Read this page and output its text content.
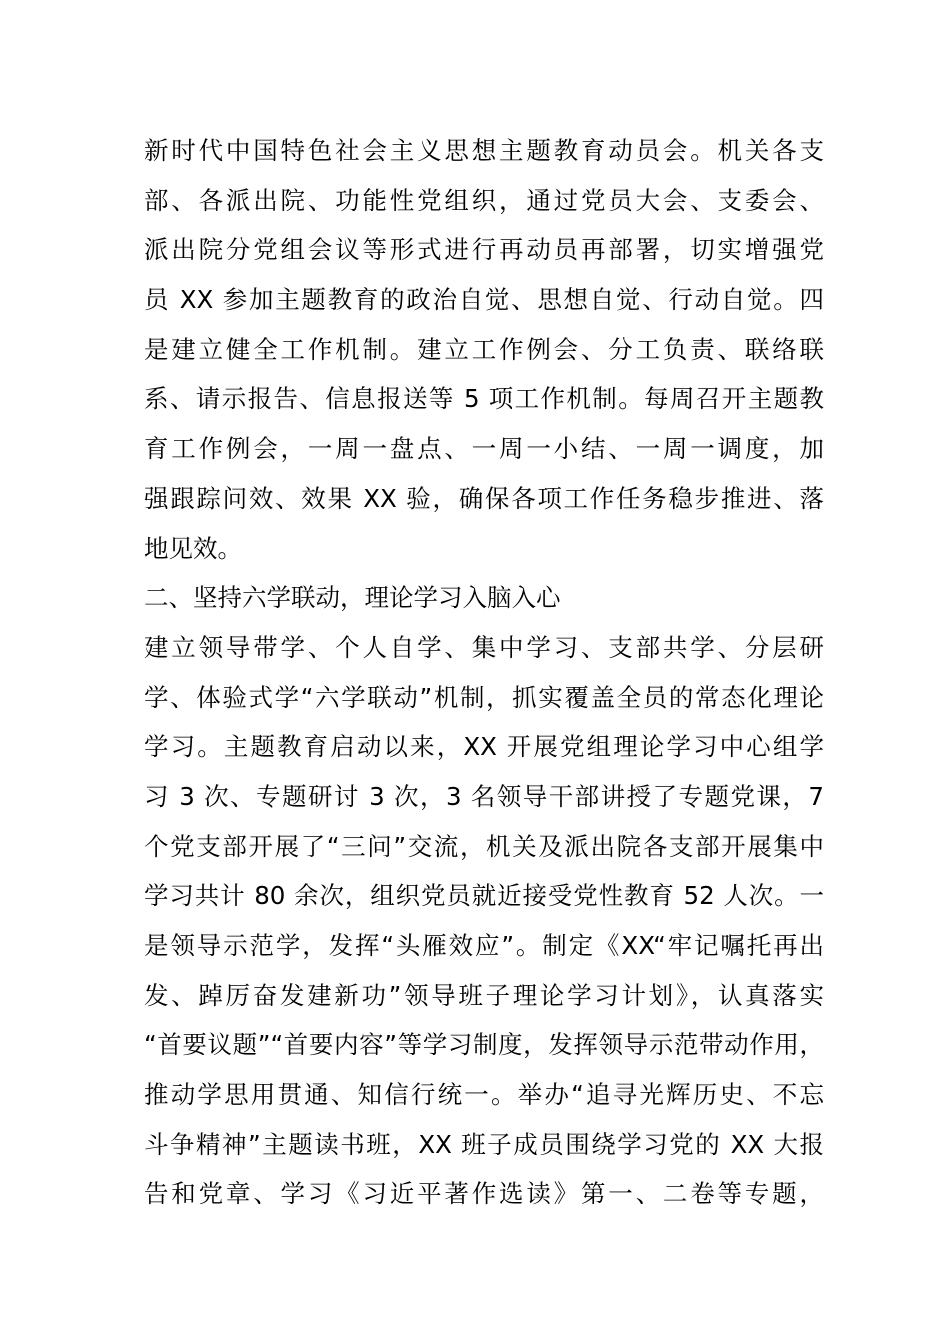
新时代中国特色社会主义思想主题教育动员会。机关各支
部、各派出院、功能性党组织，通过党员大会、支委会、
派出院分党组会议等形式进行再动员再部署，切实增强党
员 XX 参加主题教育的政治自觉、思想自觉、行动自觉。四
是建立健全工作机制。建立工作例会、分工负责、联络联
系、请示报告、信息报送等 5 项工作机制。每周召开主题教
育工作例会，一周一盘点、一周一小结、一周一调度，加
强跟踪问效、效果 XX 验，确保各项工作任务稳步推进、落
地见效。
二、坚持六学联动，理论学习入脑入心
建立领导带学、个人自学、集中学习、支部共学、分层研
学、体验式学“六学联动”机制，抓实覆盖全员的常态化理论
学习。主题教育启动以来，XX 开展党组理论学习中心组学
习 3 次、专题研讨 3 次，3 名领导干部讲授了专题党课，7
个党支部开展了“三问”交流，机关及派出院各支部开展集中
学习共计 80 余次，组织党员就近接受党性教育 52 人次。一
是领导示范学，发挥“头雁效应”。制定《XX“牢记嘱托再出
发、踔厉奋发建新功”领导班子理论学习计划》，认真落实
“首要议题”“首要内容”等学习制度，发挥领导示范带动作用，
推动学思用贯通、知信行统一。举办“追寻光辉历史、不忘
斗争精神”主题读书班，XX 班子成员围绕学习党的 XX 大报
告和党章、学习《习近平著作选读》第一、二卷等专题，
